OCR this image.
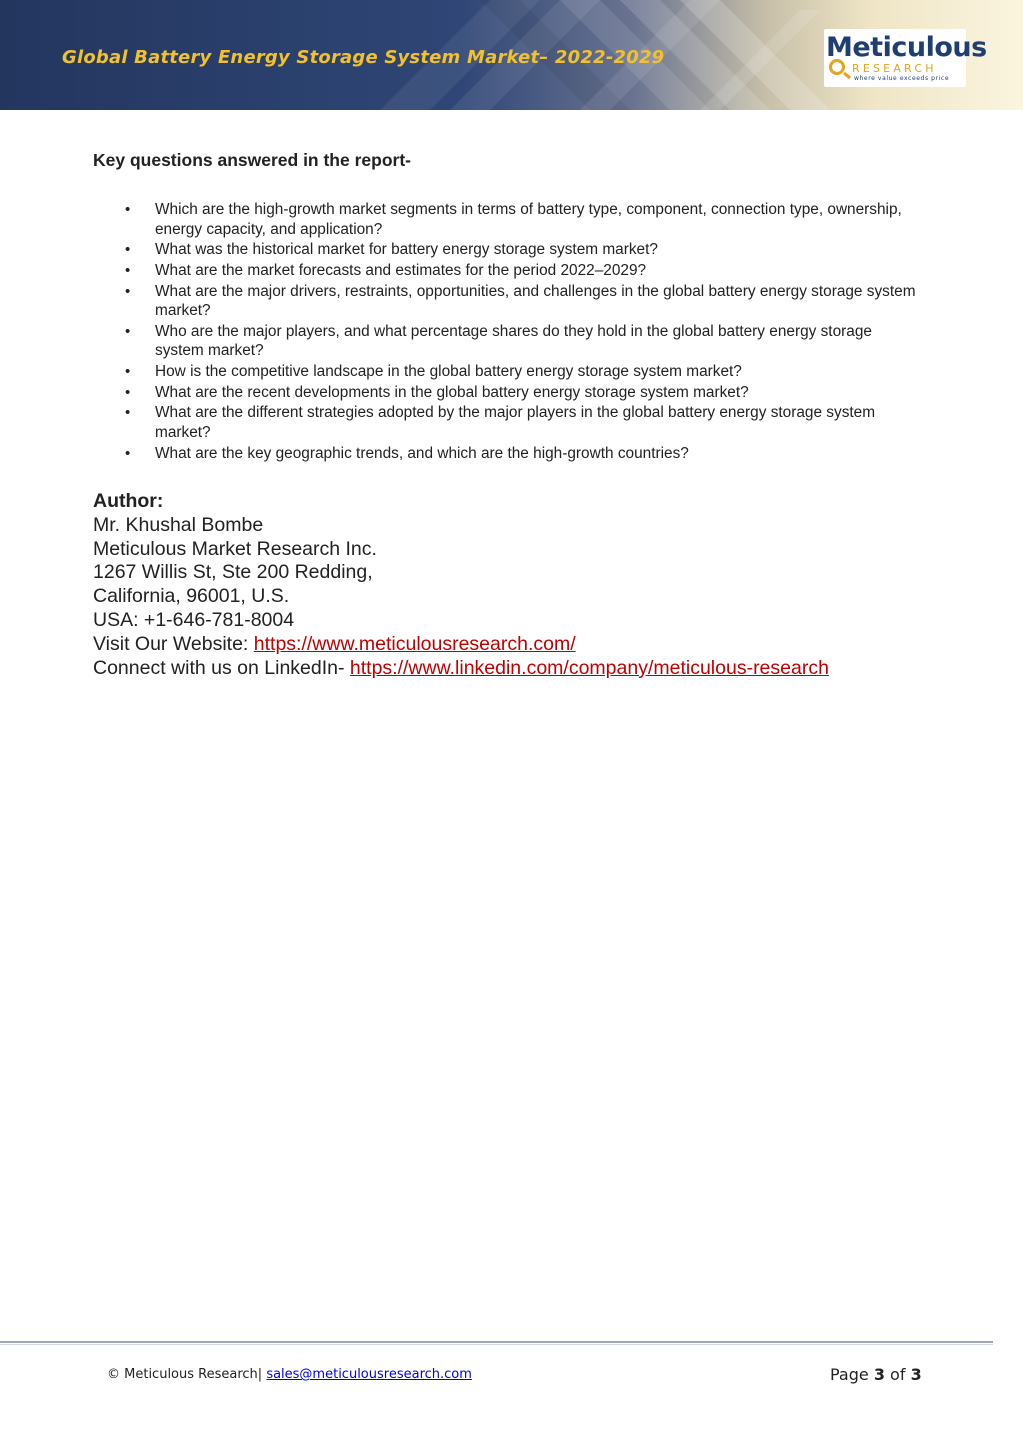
Global Battery Energy Storage System Market– 2022-2029	Meticulous
RESEARCH
where value exceeds price
Key questions answered in the report-
• Which are the high-growth market segments in terms of battery type, component, connection type, ownership, energy capacity, and application?
• What was the historical market for battery energy storage system market?
• What are the market forecasts and estimates for the period 2022–2029?
• What are the major drivers, restraints, opportunities, and challenges in the global battery energy storage system market?
• Who are the major players, and what percentage shares do they hold in the global battery energy storage system market?
• How is the competitive landscape in the global battery energy storage system market?
• What are the recent developments in the global battery energy storage system market?
• What are the different strategies adopted by the major players in the global battery energy storage system market?
• What are the key geographic trends, and which are the high-growth countries?
Author:
Mr. Khushal Bombe
Meticulous Market Research Inc.
1267 Willis St, Ste 200 Redding,
California, 96001, U.S.
USA: +1-646-781-8004
Visit Our Website: https://www.meticulousresearch.com/
Connect with us on LinkedIn- https://www.linkedin.com/company/meticulous-research
© Meticulous Research| sales@meticulousresearch.com	Page 3 of 3
